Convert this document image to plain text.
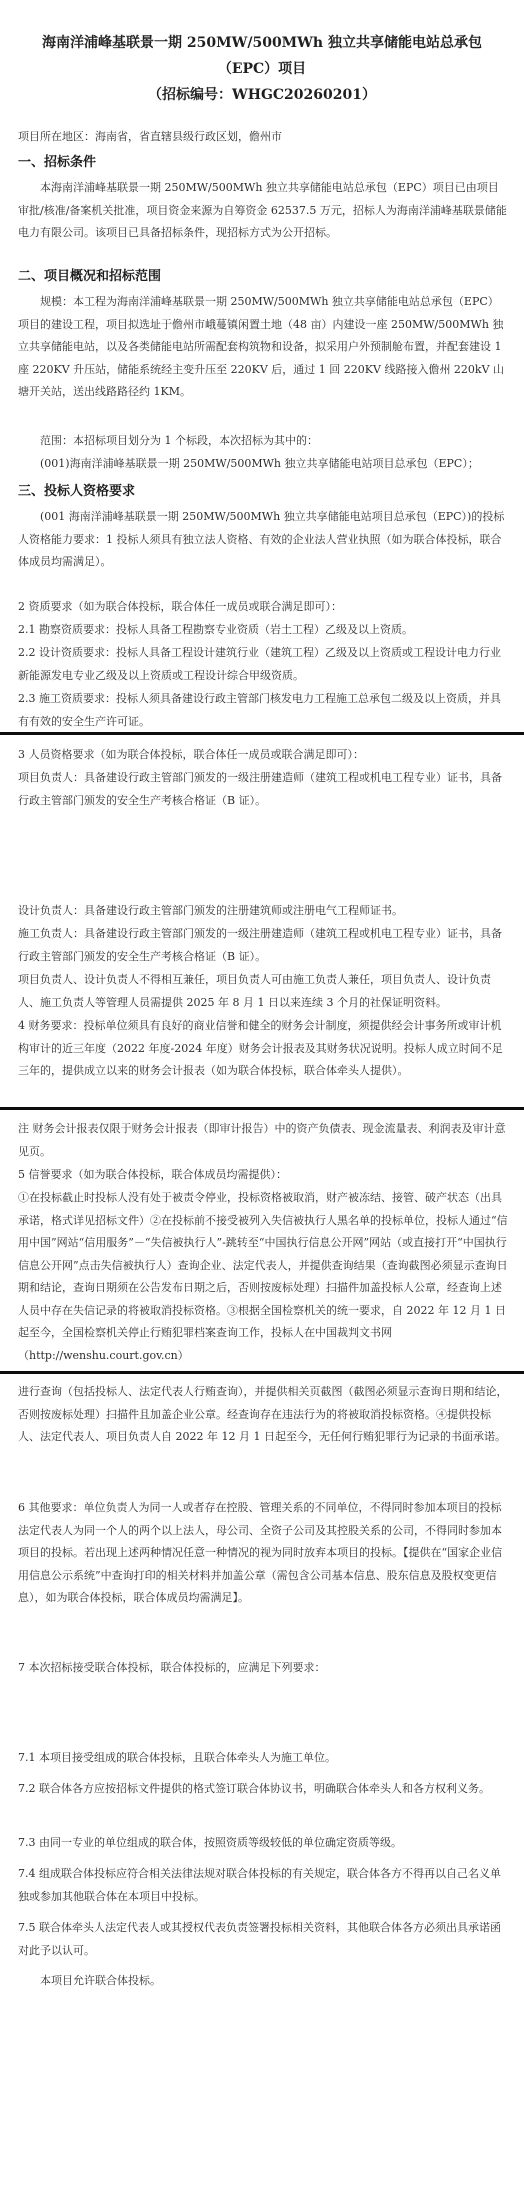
海南洋浦峰基联景一期 250MW/500MWh 独立共享储能电站总承包（EPC）项目
（招标编号：WHGC20260201）

项目所在地区：海南省，省直辖县级行政区划，儋州市

一、招标条件

本海南洋浦峰基联景一期 250MW/500MWh 独立共享储能电站总承包（EPC）项目已由项目审批/核准/备案机关批准，项目资金来源为自筹资金 62537.5 万元，招标人为海南洋浦峰基联景储能电力有限公司。该项目已具备招标条件，现招标方式为公开招标。

二、项目概况和招标范围

规模：本工程为海南洋浦峰基联景一期 250MW/500MWh 独立共享储能电站总承包（EPC）项目的建设工程，项目拟选址于儋州市峨蔓镇闲置土地（48 亩）内建设一座 250MW/500MWh 独立共享储能电站，以及各类储能电站所需配套构筑物和设备，拟采用户外预制舱布置，并配套建设 1 座 220KV 升压站，储能系统经主变升压至 220KV 后，通过 1 回 220KV 线路接入儋州 220kV 山塘开关站，送出线路路径约 1KM。

范围：本招标项目划分为 1 个标段，本次招标为其中的：

(001)海南洋浦峰基联景一期 250MW/500MWh 独立共享储能电站项目总承包（EPC）；

三、投标人资格要求

(001 海南洋浦峰基联景一期 250MW/500MWh 独立共享储能电站项目总承包（EPC）)的投标人资格能力要求：1 投标人须具有独立法人资格、有效的企业法人营业执照（如为联合体投标，联合体成员均需满足）。

2 资质要求（如为联合体投标，联合体任一成员或联合满足即可）：

2.1 勘察资质要求：投标人具备工程勘察专业资质（岩土工程）乙级及以上资质。

2.2 设计资质要求：投标人具备工程设计建筑行业（建筑工程）乙级及以上资质或工程设计电力行业新能源发电专业乙级及以上资质或工程设计综合甲级资质。

2.3 施工资质要求：投标人须具备建设行政主管部门核发电力工程施工总承包二级及以上资质，并具有有效的安全生产许可证。

3 人员资格要求（如为联合体投标，联合体任一成员或联合满足即可）：

项目负责人：具备建设行政主管部门颁发的一级注册建造师（建筑工程或机电工程专业）证书，具备行政主管部门颁发的安全生产考核合格证（B 证）。

设计负责人：具备建设行政主管部门颁发的注册建筑师或注册电气工程师证书。

施工负责人：具备建设行政主管部门颁发的一级注册建造师（建筑工程或机电工程专业）证书，具备行政主管部门颁发的安全生产考核合格证（B 证）。

项目负责人、设计负责人不得相互兼任，项目负责人可由施工负责人兼任，项目负责人、设计负责人、施工负责人等管理人员需提供 2025 年 8 月 1 日以来连续 3 个月的社保证明资料。

4 财务要求：投标单位须具有良好的商业信誉和健全的财务会计制度，须提供经会计事务所或审计机构审计的近三年度（2022 年度-2024 年度）财务会计报表及其财务状况说明。投标人成立时间不足三年的，提供成立以来的财务会计报表（如为联合体投标，联合体牵头人提供）。

注 财务会计报表仅限于财务会计报表（即审计报告）中的资产负债表、现金流量表、利润表及审计意见页。

5 信誉要求（如为联合体投标，联合体成员均需提供）：

①在投标截止时投标人没有处于被责令停业，投标资格被取消，财产被冻结、接管、破产状态（出具承诺，格式详见招标文件）②在投标前不接受被列入失信被执行人黑名单的投标单位，投标人通过“信用中国”网站“信用服务”－“失信被执行人”-跳转至“中国执行信息公开网”网站（或直接打开“中国执行信息公开网”点击失信被执行人）查询企业、法定代表人，并提供查询结果（查询截图必须显示查询日期和结论，查询日期须在公告发布日期之后，否则按废标处理）扫描件加盖投标人公章，经查询上述人员中存在失信记录的将被取消投标资格。③根据全国检察机关的统一要求，自 2022 年 12 月 1 日起至今，全国检察机关停止行贿犯罪档案查询工作，投标人在中国裁判文书网（http://wenshu.court.gov.cn）

进行查询（包括投标人、法定代表人行贿查询），并提供相关页截图（截图必须显示查询日期和结论，否则按废标处理）扫描件且加盖企业公章。经查询存在违法行为的将被取消投标资格。④提供投标人、法定代表人、项目负责人自 2022 年 12 月 1 日起至今，无任何行贿犯罪行为记录的书面承诺。

6 其他要求：单位负责人为同一人或者存在控股、管理关系的不同单位，不得同时参加本项目的投标 法定代表人为同一个人的两个以上法人，母公司、全资子公司及其控股关系的公司，不得同时参加本项目的投标。若出现上述两种情况任意一种情况的视为同时放弃本项目的投标。【提供在“国家企业信用信息公示系统”中查询打印的相关材料并加盖公章（需包含公司基本信息、股东信息及股权变更信息），如为联合体投标，联合体成员均需满足】。

7 本次招标接受联合体投标，联合体投标的，应满足下列要求：

7.1 本项目接受组成的联合体投标，且联合体牵头人为施工单位。

7.2 联合体各方应按招标文件提供的格式签订联合体协议书，明确联合体牵头人和各方权利义务。

7.3 由同一专业的单位组成的联合体，按照资质等级较低的单位确定资质等级。

7.4 组成联合体投标应符合相关法律法规对联合体投标的有关规定，联合体各方不得再以自己名义单独或参加其他联合体在本项目中投标。

7.5 联合体牵头人法定代表人或其授权代表负责签署投标相关资料，其他联合体各方必须出具承诺函对此予以认可。

本项目允许联合体投标。
